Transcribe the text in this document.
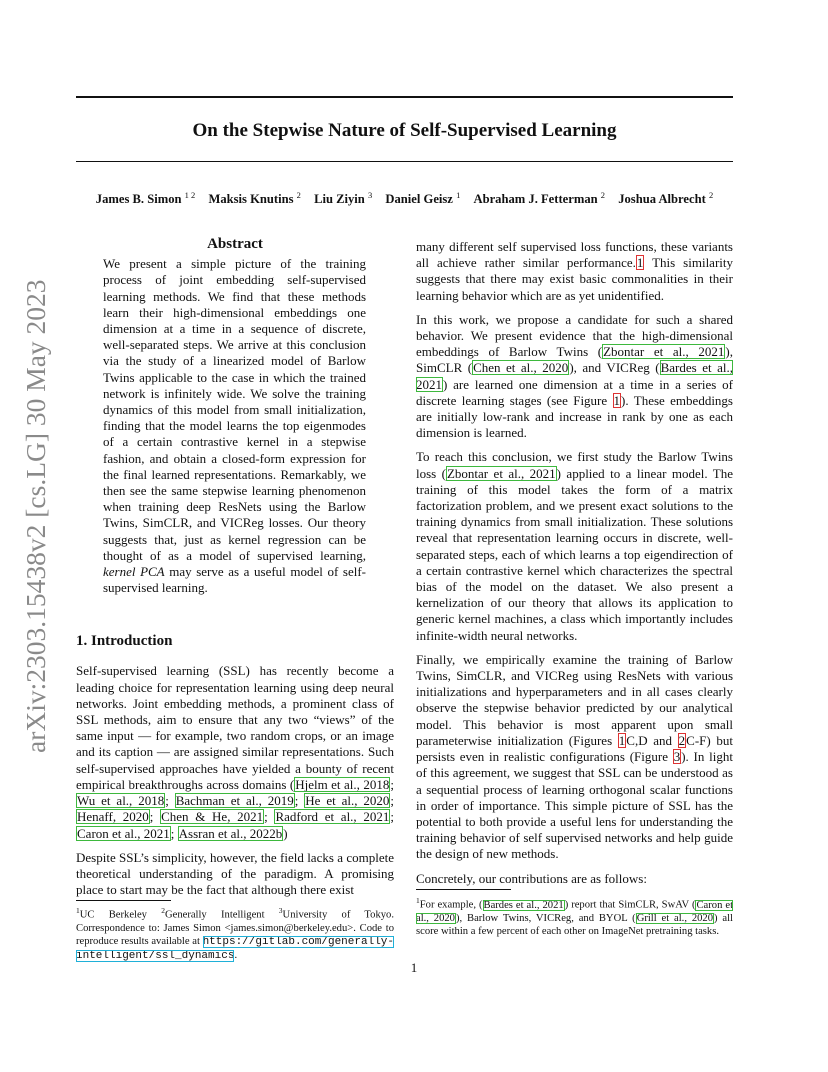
On the Stepwise Nature of Self-Supervised Learning
James B. Simon $^{1 2}$ Maksis Knutins $^2$ Liu Ziyin $^3$ Daniel Geisz $^1$ Abraham J. Fetterman $^2$ Joshua Albrecht $^2$
arXiv:2303.15438v2 [cs.LG] 30 May 2023
Abstract
We present a simple picture of the training process of joint embedding self-supervised learning methods. We find that these methods learn their high-dimensional embeddings one dimension at a time in a sequence of discrete, well-separated steps. We arrive at this conclusion via the study of a linearized model of Barlow Twins applicable to the case in which the trained network is infinitely wide. We solve the training dynamics of this model from small initialization, finding that the model learns the top eigenmodes of a certain contrastive kernel in a stepwise fashion, and obtain a closed-form expression for the final learned representations. Remarkably, we then see the same stepwise learning phenomenon when training deep ResNets using the Barlow Twins, SimCLR, and VICReg losses. Our theory suggests that, just as kernel regression can be thought of as a model of supervised learning, kernel PCA may serve as a useful model of self-supervised learning.
1. Introduction

Self-supervised learning (SSL) has recently become a leading choice for representation learning using deep neural networks. Joint embedding methods, a prominent class of SSL methods, aim to ensure that any two “views” of the same input — for example, two random crops, or an image and its caption — are assigned similar representations. Such self-supervised approaches have yielded a bounty of recent empirical breakthroughs across domains (Hjelm et al., 2018; Wu et al., 2018; Bachman et al., 2019; He et al., 2020; Henaff, 2020; Chen & He, 2021; Radford et al., 2021; Caron et al., 2021; Assran et al., 2022b)

Despite SSL’s simplicity, however, the field lacks a complete theoretical understanding of the paradigm. A promising place to start may be the fact that although there exist

many different self supervised loss functions, these variants all achieve rather similar performance.1 This similarity suggests that there may exist basic commonalities in their learning behavior which are as yet unidentified.

In this work, we propose a candidate for such a shared behavior. We present evidence that the high-dimensional embeddings of Barlow Twins (Zbontar et al., 2021), SimCLR (Chen et al., 2020), and VICReg (Bardes et al., 2021) are learned one dimension at a time in a series of discrete learning stages (see Figure 1). These embeddings are initially low-rank and increase in rank by one as each dimension is learned.

To reach this conclusion, we first study the Barlow Twins loss (Zbontar et al., 2021) applied to a linear model. The training of this model takes the form of a matrix factorization problem, and we present exact solutions to the training dynamics from small initialization. These solutions reveal that representation learning occurs in discrete, well-separated steps, each of which learns a top eigendirection of a certain contrastive kernel which characterizes the spectral bias of the model on the dataset. We also present a kernelization of our theory that allows its application to generic kernel machines, a class which importantly includes infinite-width neural networks.

Finally, we empirically examine the training of Barlow Twins, SimCLR, and VICReg using ResNets with various initializations and hyperparameters and in all cases clearly observe the stepwise behavior predicted by our analytical model. This behavior is most apparent upon small parameterwise initialization (Figures 1C,D and 2C-F) but persists even in realistic configurations (Figure 3). In light of this agreement, we suggest that SSL can be understood as a sequential process of learning orthogonal scalar functions in order of importance. This simple picture of SSL has the potential to both provide a useful lens for understanding the training behavior of self supervised networks and help guide the design of new methods.

Concretely, our contributions are as follows:

$^1$UC Berkeley $^2$Generally Intelligent $^3$University of Tokyo. Correspondence to: James Simon <james.simon@berkeley.edu>. Code to reproduce results available at https://gitlab.com/generally-intelligent/ssl_dynamics.
$^1$For example, (Bardes et al., 2021) report that SimCLR, SwAV (Caron et al., 2020), Barlow Twins, VICReg, and BYOL (Grill et al., 2020) all score within a few percent of each other on ImageNet pretraining tasks.
1
